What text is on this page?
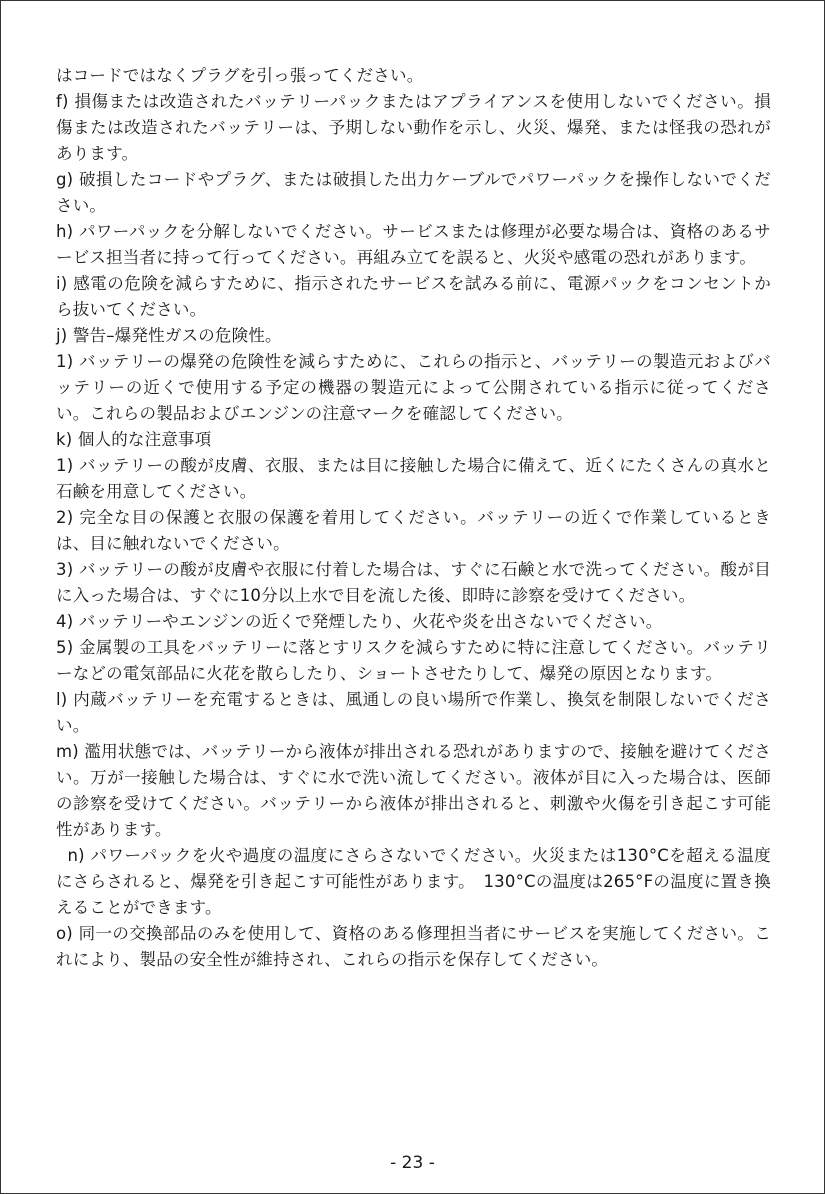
はコードではなくプラグを引っ張ってください。

f) 損傷または改造されたバッテリーパックまたはアプライアンスを使用しないでください。損傷または改造されたバッテリーは、予期しない動作を示し、火災、爆発、または怪我の恐れがあります。

g) 破損したコードやプラグ、または破損した出力ケーブルでパワーパックを操作しないでください。

h) パワーパックを分解しないでください。サービスまたは修理が必要な場合は、資格のあるサービス担当者に持って行ってください。再組み立てを誤ると、火災や感電の恐れがあります。

i) 感電の危険を減らすために、指示されたサービスを試みる前に、電源パックをコンセントから抜いてください。

j) 警告–爆発性ガスの危険性。

1) バッテリーの爆発の危険性を減らすために、これらの指示と、バッテリーの製造元およびバッテリーの近くで使用する予定の機器の製造元によって公開されている指示に従ってください。これらの製品およびエンジンの注意マークを確認してください。

k) 個人的な注意事項

1) バッテリーの酸が皮膚、衣服、または目に接触した場合に備えて、近くにたくさんの真水と石鹸を用意してください。

2) 完全な目の保護と衣服の保護を着用してください。バッテリーの近くで作業しているときは、目に触れないでください。

3) バッテリーの酸が皮膚や衣服に付着した場合は、すぐに石鹸と水で洗ってください。酸が目に入った場合は、すぐに10分以上水で目を流した後、即時に診察を受けてください。

4) バッテリーやエンジンの近くで発煙したり、火花や炎を出さないでください。

5) 金属製の工具をバッテリーに落とすリスクを減らすために特に注意してください。バッテリーなどの電気部品に火花を散らしたり、ショートさせたりして、爆発の原因となります。

l) 内蔵バッテリーを充電するときは、風通しの良い場所で作業し、換気を制限しないでください。

m) 濫用状態では、バッテリーから液体が排出される恐れがありますので、接触を避けてください。万が一接触した場合は、すぐに水で洗い流してください。液体が目に入った場合は、医師の診察を受けてください。バッテリーから液体が排出されると、刺激や火傷を引き起こす可能性があります。

n) パワーパックを火や過度の温度にさらさないでください。火災または130°Cを超える温度にさらされると、爆発を引き起こす可能性があります。　130°Cの温度は265°Fの温度に置き換えることができます。

o) 同一の交換部品のみを使用して、資格のある修理担当者にサービスを実施してください。これにより、製品の安全性が維持され、これらの指示を保存してください。

- 23 -
